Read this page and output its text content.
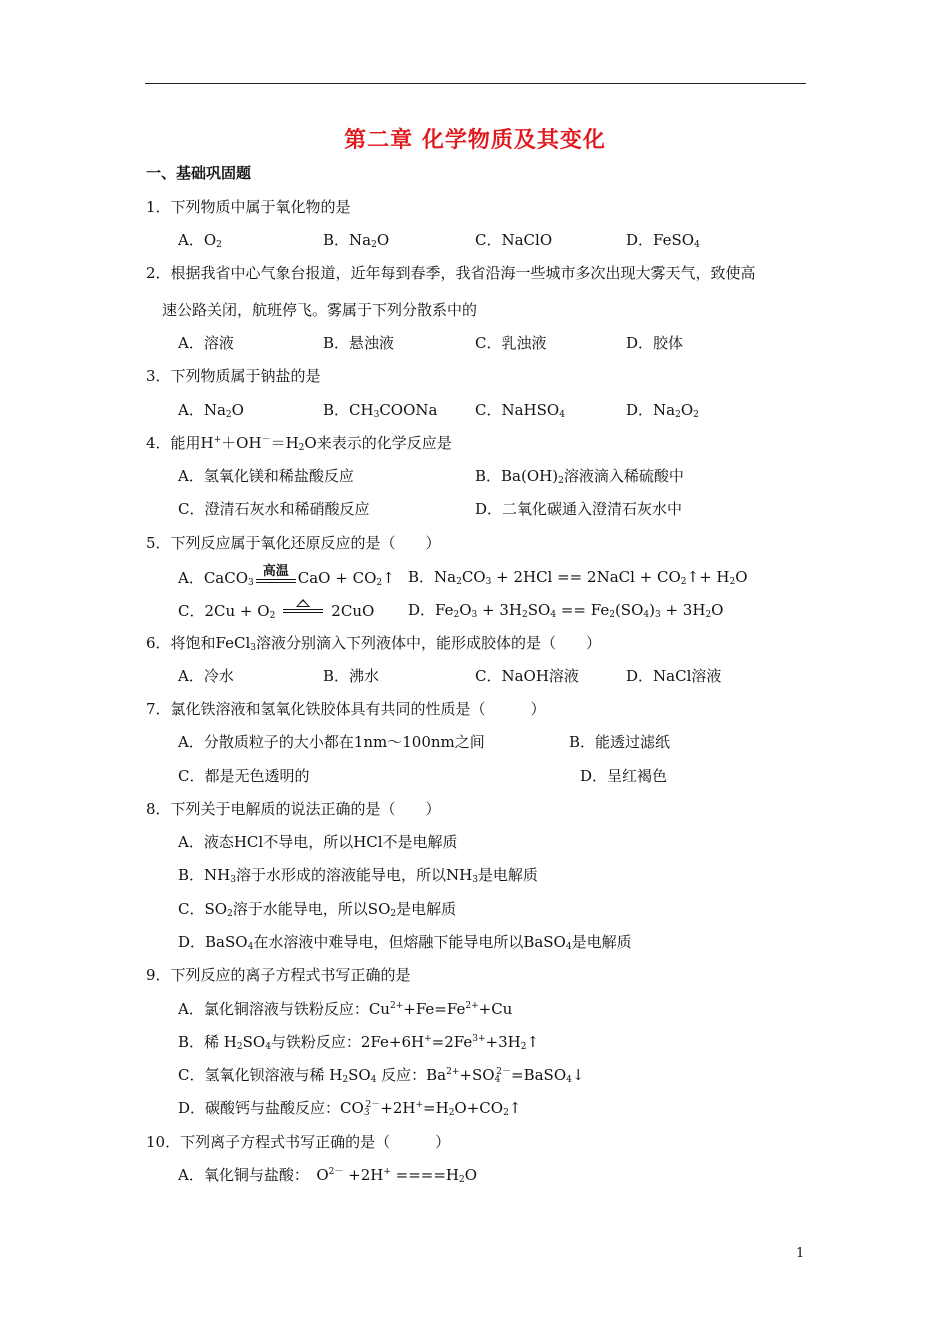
第二章 化学物质及其变化
一、基础巩固题
1．下列物质中属于氧化物的是
A．$O_2$	B．$Na_2O$	C．NaClO	D．FeSO$_4$
2．根据我省中心气象台报道，近年每到春季，我省沿海一些城市多次出现大雾天气，致使高
速公路关闭，航班停飞。雾属于下列分散系中的
A．溶液	B．悬浊液	C．乳浊液	D．胶体
3．下列物质属于钠盐的是
A．$Na_2O$	B．$CH_3COONa$	C．NaHSO$_4$	D．$Na_2O_2$
4．能用$H^++OH^-=H_2O$来表示的化学反应是
A．氢氧化镁和稀盐酸反应	B．$Ba(OH)_2$溶液滴入稀硫酸中
C．澄清石灰水和稀硝酸反应	D．二氧化碳通入澄清石灰水中
5．下列反应属于氧化还原反应的是（　　）
A．CaCO$_3$
高温 CaO + $CO_2↑$ B．$Na_2CO_3 + 2HCl$ == 2NaCl + $CO_2↑+ H_2O$
C．$2Cu + O_2$	2CuO D．$Fe_2O_3 + 3H_2SO_4 == Fe_2(SO_4)_3 + 3H_2O$
6．将饱和FeCl$_3$溶液分别滴入下列液体中，能形成胶体的是（　　）
A．冷水	B．沸水	C．NaOH溶液	D．NaCl溶液
7．氯化铁溶液和氢氧化铁胶体具有共同的性质是（　　　）
A．分散质粒子的大小都在1nm～100nm之间	B．能透过滤纸
C．都是无色透明的	D．呈红褐色
8．下列关于电解质的说法正确的是（　　）
A．液态HCl不导电，所以HCl不是电解质
B．$NH_3$溶于水形成的溶液能导电，所以$NH_3$是电解质
C．$SO_2$溶于水能导电，所以$SO_2$是电解质
D．BaSO$_4$在水溶液中难导电，但熔融下能导电所以BaSO$_4$是电解质
9．下列反应的离子方程式书写正确的是
A．氯化铜溶液与铁粉反应：$Cu^{2+}+Fe=Fe^{2+}+Cu$
B．稀 $H_2SO_4$与铁粉反应：$2Fe+6H^+=2Fe^{3+}+3H_2↑$
C．氢氧化钡溶液与稀 $H_2SO_4$ 反应：$Ba^{2+}+SO_4^{2-}=BaSO_4↓$
D．碳酸钙与盐酸反应：$CO_3^{2-}+2H^+=H_2O+CO_2↑$
10．下列离子方程式书写正确的是（　　　）
A．氧化铜与盐酸：　$O^{2-} +2H^+ ====H_2O$
1
